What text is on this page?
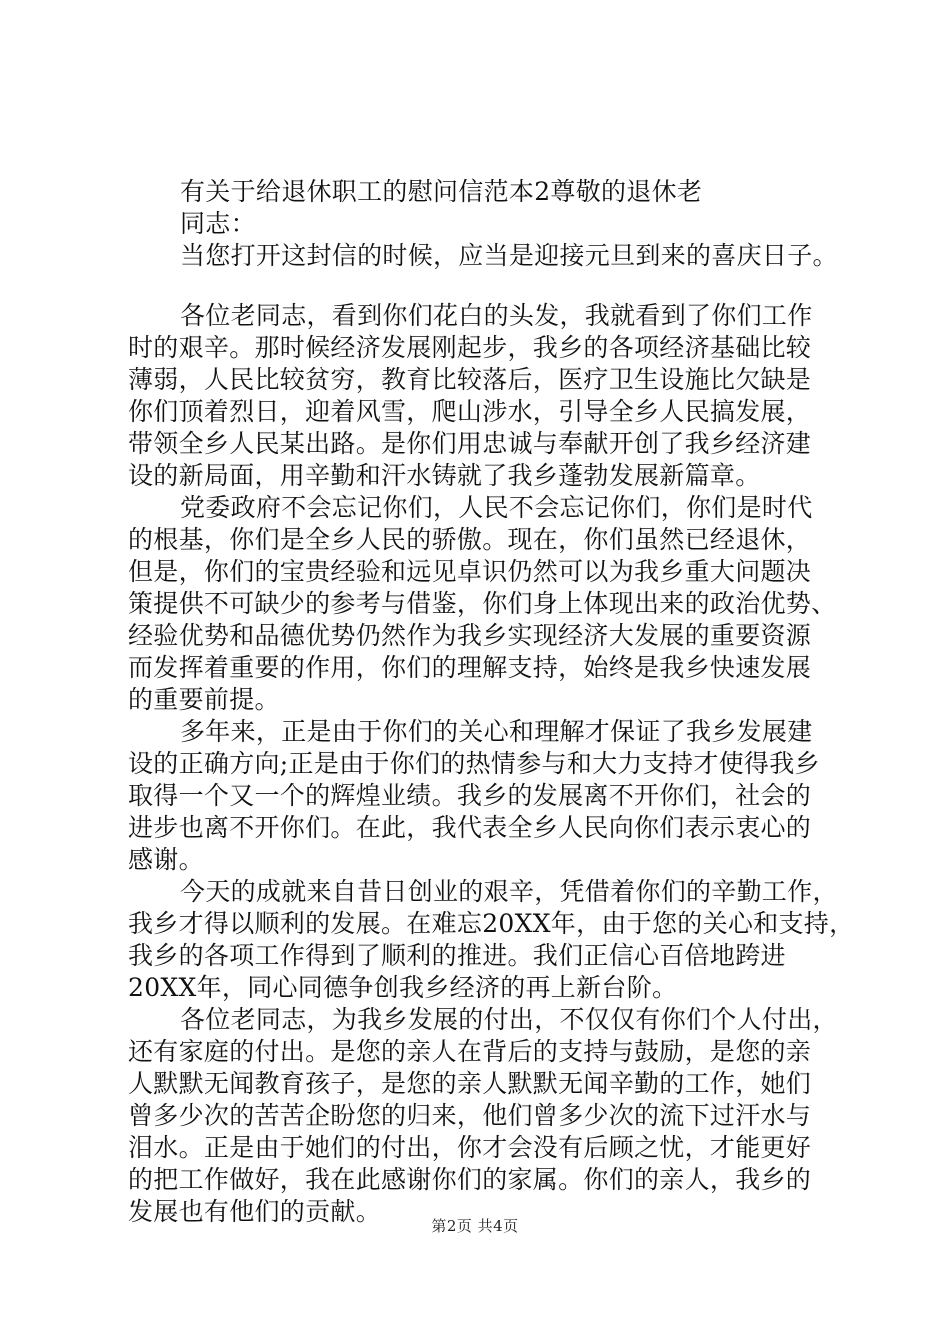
有关于给退休职工的慰问信范本2尊敬的退休老
同志：
当您打开这封信的时候，应当是迎接元旦到来的喜庆日子。
各位老同志，看到你们花白的头发，我就看到了你们工作
时的艰辛。那时候经济发展刚起步，我乡的各项经济基础比较
薄弱，人民比较贫穷，教育比较落后，医疗卫生设施比欠缺是
你们顶着烈日，迎着风雪，爬山涉水，引导全乡人民搞发展，
带领全乡人民某出路。是你们用忠诚与奉献开创了我乡经济建
设的新局面，用辛勤和汗水铸就了我乡蓬勃发展新篇章。
党委政府不会忘记你们，人民不会忘记你们，你们是时代
的根基，你们是全乡人民的骄傲。现在，你们虽然已经退休，
但是，你们的宝贵经验和远见卓识仍然可以为我乡重大问题决
策提供不可缺少的参考与借鉴，你们身上体现出来的政治优势、
经验优势和品德优势仍然作为我乡实现经济大发展的重要资源
而发挥着重要的作用，你们的理解支持，始终是我乡快速发展
的重要前提。
多年来，正是由于你们的关心和理解才保证了我乡发展建
设的正确方向;正是由于你们的热情参与和大力支持才使得我乡
取得一个又一个的辉煌业绩。我乡的发展离不开你们，社会的
进步也离不开你们。在此，我代表全乡人民向你们表示衷心的
感谢。
今天的成就来自昔日创业的艰辛，凭借着你们的辛勤工作，
我乡才得以顺利的发展。在难忘20XX年，由于您的关心和支持，
我乡的各项工作得到了顺利的推进。我们正信心百倍地跨进
20XX年，同心同德争创我乡经济的再上新台阶。
各位老同志，为我乡发展的付出，不仅仅有你们个人付出，
还有家庭的付出。是您的亲人在背后的支持与鼓励，是您的亲
人默默无闻教育孩子，是您的亲人默默无闻辛勤的工作，她们
曾多少次的苦苦企盼您的归来，他们曾多少次的流下过汗水与
泪水。正是由于她们的付出，你才会没有后顾之忧，才能更好
的把工作做好，我在此感谢你们的家属。你们的亲人，我乡的
发展也有他们的贡献。	第2页 共4页
